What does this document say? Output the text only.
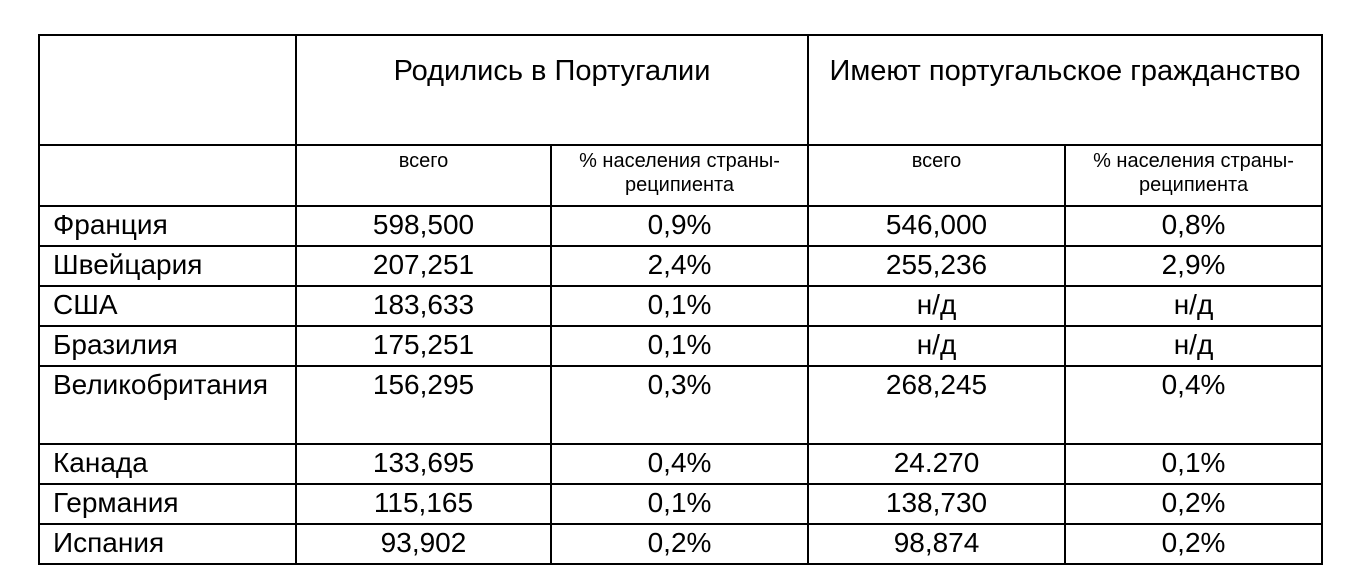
	Родились в Португалии		Имеют португальское гражданство	
	всего	% населения страны-реципиента	всего	% населения страны-реципиента
Франция	598,500	0,9%	546,000	0,8%
Швейцария	207,251	2,4%	255,236	2,9%
США	183,633	0,1%	н/д	н/д
Бразилия	175,251	0,1%	н/д	н/д
Великобритания	156,295	0,3%	268,245	0,4%
Канада	133,695	0,4%	24.270	0,1%
Германия	115,165	0,1%	138,730	0,2%
Испания	93,902	0,2%	98,874	0,2%
